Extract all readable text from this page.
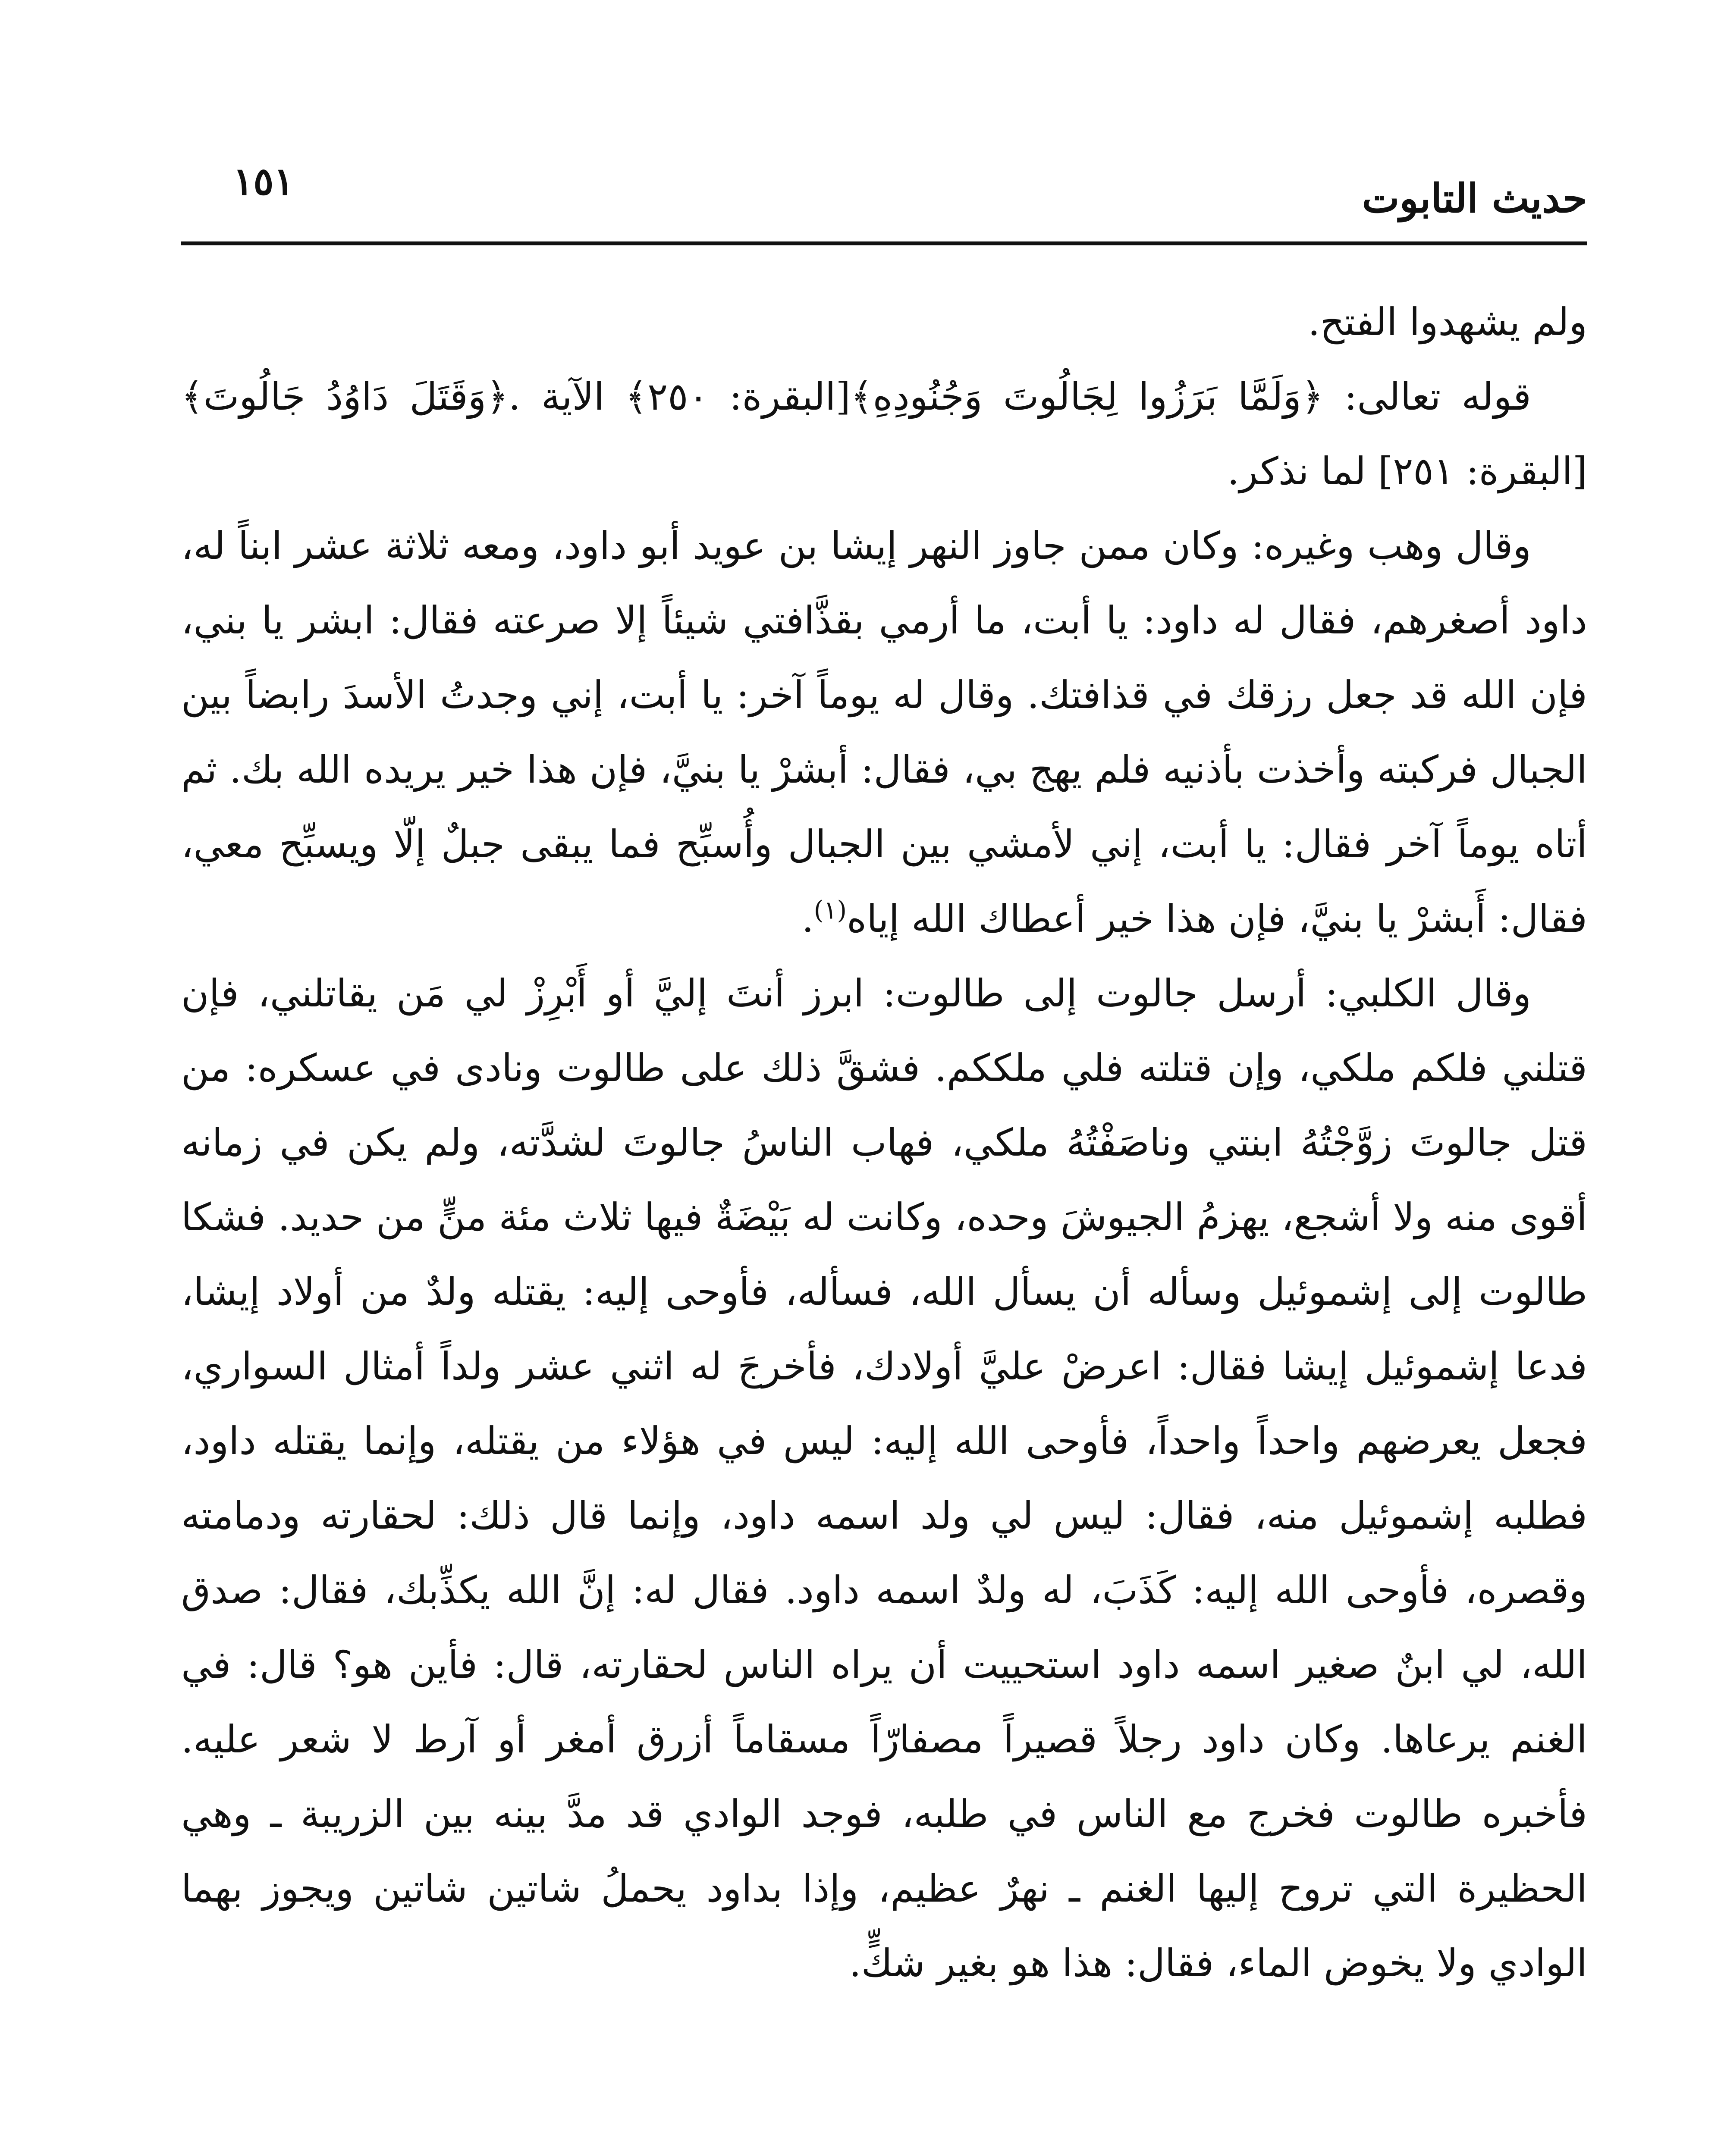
حديث التابوت
١٥١

ولم يشهدوا الفتح.

قوله تعالى: ﴿وَلَمَّا بَرَزُوا لِجَالُوتَ وَجُنُودِهِ﴾[البقرة: ٢٥٠﴾ الآية .﴿وَقَتَلَ دَاوُدُ جَالُوتَ﴾[البقرة: ٢٥١] لما نذكر.

وقال وهب وغيره: وكان ممن جاوز النهر إيشا بن عويد أبو داود، ومعه ثلاثة عشر ابناً له، داود أصغرهم، فقال له داود: يا أبت، ما أرمي بقذَّافتي شيئاً إلا صرعته فقال: ابشر يا بني، فإن الله قد جعل رزقك في قذافتك. وقال له يوماً آخر: يا أبت، إني وجدتُ الأسدَ رابضاً بين الجبال فركبته وأخذت بأذنيه فلم يهج بي، فقال: أبشرْ يا بنيَّ، فإن هذا خير يريده الله بك. ثم أتاه يوماً آخر فقال: يا أبت، إني لأمشي بين الجبال وأُسبِّح فما يبقى جبلٌ إلّا ويسبِّح معي، فقال: أَبشرْ يا بنيَّ، فإن هذا خير أعطاك الله إياه$^{(١)}$.

وقال الكلبي: أرسل جالوت إلى طالوت: ابرز أنتَ إليَّ أو أَبْرِزْ لي مَن يقاتلني، فإن قتلني فلكم ملكي، وإن قتلته فلي ملككم. فشقَّ ذلك على طالوت ونادى في عسكره: من قتل جالوتَ زوَّجْتُهُ ابنتي وناصَفْتُهُ ملكي، فهاب الناسُ جالوتَ لشدَّته، ولم يكن في زمانه أقوى منه ولا أشجع، يهزمُ الجيوشَ وحده، وكانت له بَيْضَةٌ فيها ثلاث مئة منٍّ من حديد. فشكا طالوت إلى إشموئيل وسأله أن يسأل الله، فسأله، فأوحى إليه: يقتله ولدٌ من أولاد إيشا، فدعا إشموئيل إيشا فقال: اعرضْ عليَّ أولادك، فأخرجَ له اثني عشر ولداً أمثال السواري، فجعل يعرضهم واحداً واحداً، فأوحى الله إليه: ليس في هؤلاء من يقتله، وإنما يقتله داود، فطلبه إشموئيل منه، فقال: ليس لي ولد اسمه داود، وإنما قال ذلك: لحقارته ودمامته وقصره، فأوحى الله إليه: كَذَبَ، له ولدٌ اسمه داود. فقال له: إنَّ الله يكذِّبك، فقال: صدق الله، لي ابنٌ صغير اسمه داود استحييت أن يراه الناس لحقارته، قال: فأين هو؟ قال: في الغنم يرعاها. وكان داود رجلاً قصيراً مصفارّاً مسقاماً أزرق أمغر أو آرط لا شعر عليه. فأخبره طالوت فخرج مع الناس في طلبه، فوجد الوادي قد مدَّ بينه بين الزريبة ـ وهي الحظيرة التي تروح إليها الغنم ـ نهرٌ عظيم، وإذا بداود يحملُ شاتين شاتين ويجوز بهما الوادي ولا يخوض الماء، فقال: هذا هو بغير شكٍّ.
